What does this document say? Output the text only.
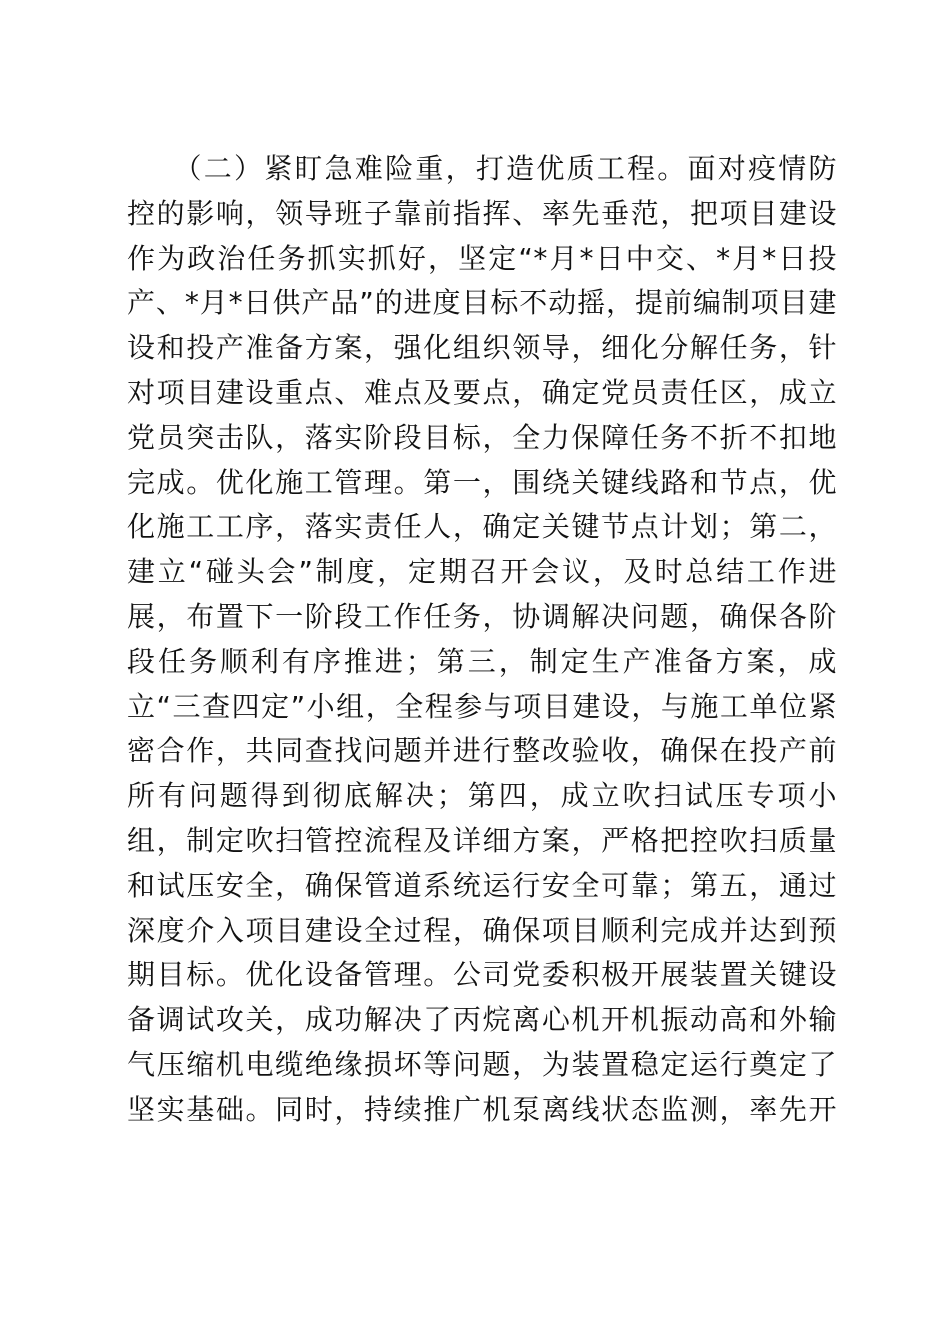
　　（二）紧盯急难险重，打造优质工程。面对疫情防
控的影响，领导班子靠前指挥、率先垂范，把项目建设
作为政治任务抓实抓好，坚定“*月*日中交、*月*日投
产、*月*日供产品”的进度目标不动摇，提前编制项目建
设和投产准备方案，强化组织领导，细化分解任务，针
对项目建设重点、难点及要点，确定党员责任区，成立
党员突击队，落实阶段目标，全力保障任务不折不扣地
完成。优化施工管理。第一，围绕关键线路和节点，优
化施工工序，落实责任人，确定关键节点计划；第二，
建立“碰头会”制度，定期召开会议，及时总结工作进
展，布置下一阶段工作任务，协调解决问题，确保各阶
段任务顺利有序推进；第三，制定生产准备方案，成
立“三查四定”小组，全程参与项目建设，与施工单位紧
密合作，共同查找问题并进行整改验收，确保在投产前
所有问题得到彻底解决；第四，成立吹扫试压专项小
组，制定吹扫管控流程及详细方案，严格把控吹扫质量
和试压安全，确保管道系统运行安全可靠；第五，通过
深度介入项目建设全过程，确保项目顺利完成并达到预
期目标。优化设备管理。公司党委积极开展装置关键设
备调试攻关，成功解决了丙烷离心机开机振动高和外输
气压缩机电缆绝缘损坏等问题，为装置稳定运行奠定了
坚实基础。同时，持续推广机泵离线状态监测，率先开
